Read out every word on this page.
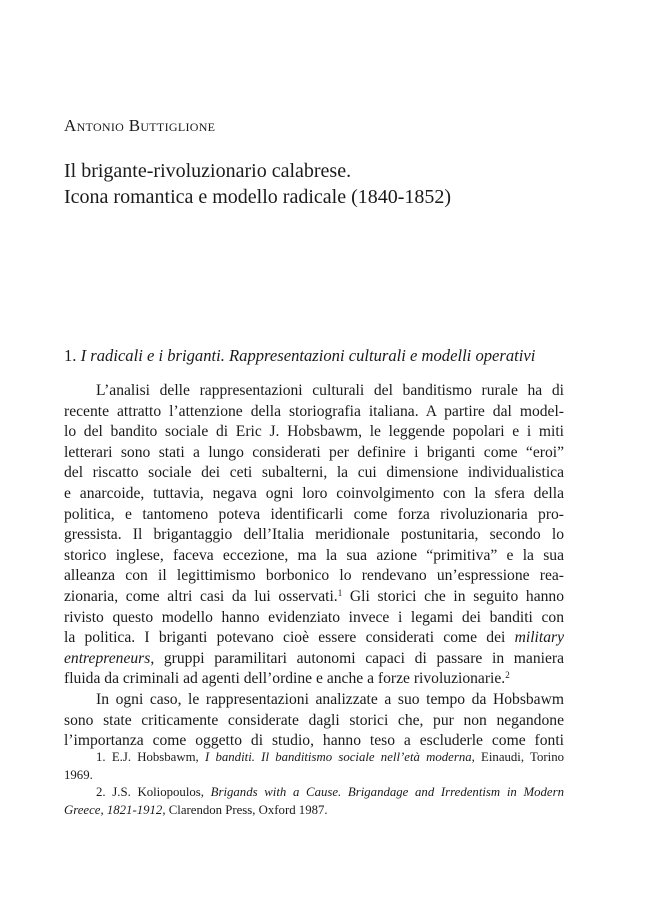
Antonio Buttiglione
Il brigante-rivoluzionario calabrese.
Icona romantica e modello radicale (1840-1852)
1. I radicali e i briganti. Rappresentazioni culturali e modelli operativi
L’analisi delle rappresentazioni culturali del banditismo rurale ha di
recente attratto l’attenzione della storiografia italiana. A partire dal model-
lo del bandito sociale di Eric J. Hobsbawm, le leggende popolari e i miti
letterari sono stati a lungo considerati per definire i briganti come “eroi”
del riscatto sociale dei ceti subalterni, la cui dimensione individualistica
e anarcoide, tuttavia, negava ogni loro coinvolgimento con la sfera della
politica, e tantomeno poteva identificarli come forza rivoluzionaria pro-
gressista. Il brigantaggio dell’Italia meridionale postunitaria, secondo lo
storico inglese, faceva eccezione, ma la sua azione “primitiva” e la sua
alleanza con il legittimismo borbonico lo rendevano un’espressione rea-
zionaria, come altri casi da lui osservati.$^1$ Gli storici che in seguito hanno
rivisto questo modello hanno evidenziato invece i legami dei banditi con
la politica. I briganti potevano cioè essere considerati come dei military
entrepreneurs, gruppi paramilitari autonomi capaci di passare in maniera
fluida da criminali ad agenti dell’ordine e anche a forze rivoluzionarie.$^2$
In ogni caso, le rappresentazioni analizzate a suo tempo da Hobsbawm
sono state criticamente considerate dagli storici che, pur non negandone
l’importanza come oggetto di studio, hanno teso a escluderle come fonti
1. E.J. Hobsbawm, I banditi. Il banditismo sociale nell’età moderna, Einaudi, Torino
1969.
2. J.S. Koliopoulos, Brigands with a Cause. Brigandage and Irredentism in Modern
Greece, 1821-1912, Clarendon Press, Oxford 1987.
